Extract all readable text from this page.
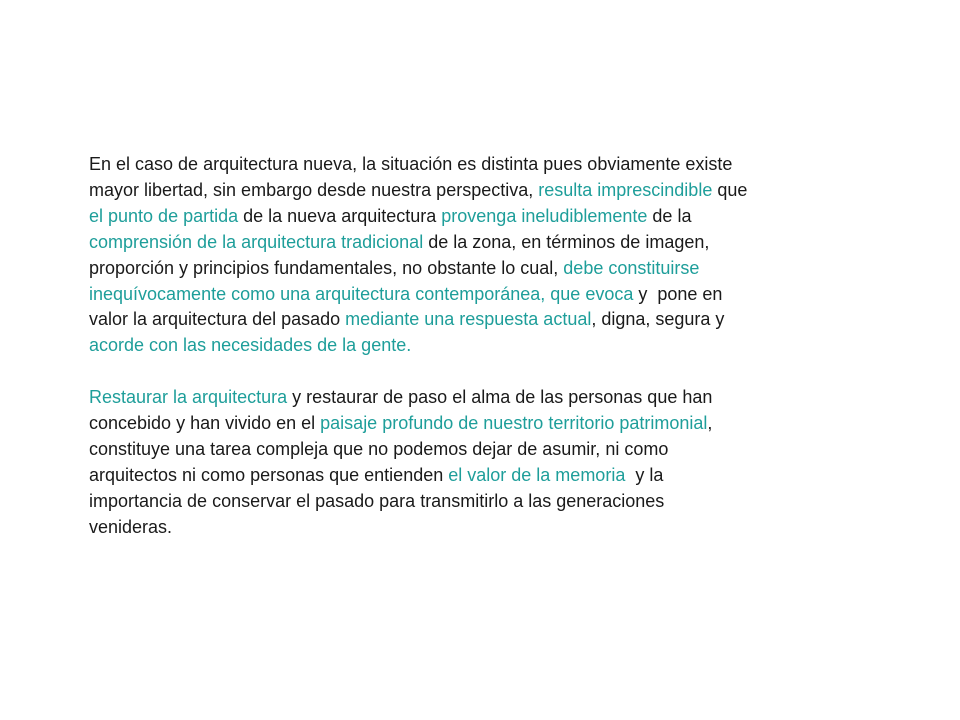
En el caso de arquitectura nueva, la situación es distinta pues obviamente existe
mayor libertad, sin embargo desde nuestra perspectiva, resulta imprescindible que
el punto de partida de la nueva arquitectura provenga ineludiblemente de la
comprensión de la arquitectura tradicional de la zona, en términos de imagen,
proporción y principios fundamentales, no obstante lo cual, debe constituirse
inequívocamente como una arquitectura contemporánea, que evoca y  pone en
valor la arquitectura del pasado mediante una respuesta actual, digna, segura y
acorde con las necesidades de la gente.
Restaurar la arquitectura y restaurar de paso el alma de las personas que han
concebido y han vivido en el paisaje profundo de nuestro territorio patrimonial,
constituye una tarea compleja que no podemos dejar de asumir, ni como
arquitectos ni como personas que entienden el valor de la memoria  y la
importancia de conservar el pasado para transmitirlo a las generaciones
venideras.
